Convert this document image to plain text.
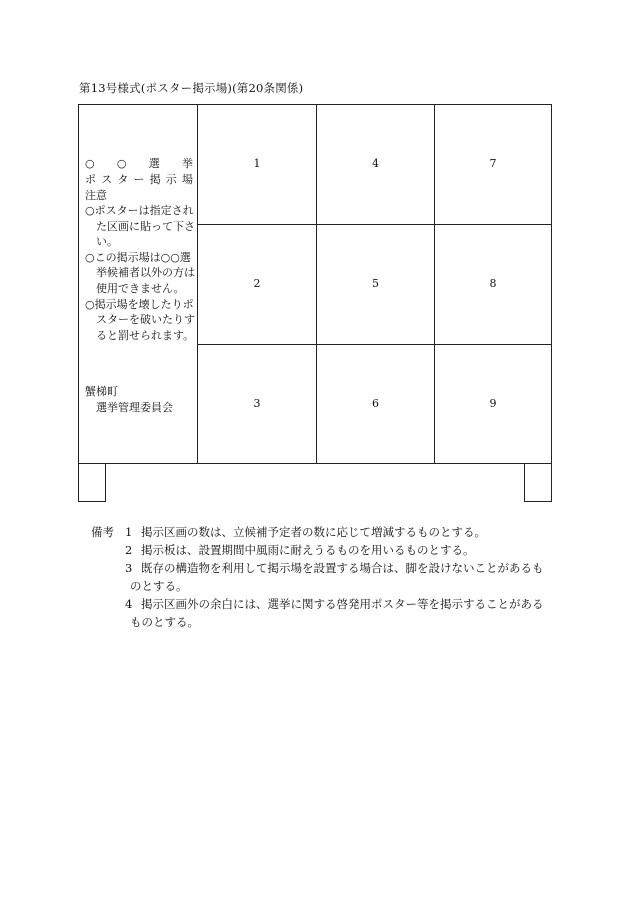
第13号様式(ポスター掲示場)(第20条関係)
○ ○ 選 挙
ポ ス タ ー 掲 示 場
注意

○ポスターは指定された区画に貼って下さい。

○この掲示場は○○選挙候補者以外の方は使用できません。

○掲示場を壊したりポスターを破いたりすると罰せられます。

蟹梯町
選挙管理委員会
1	4	7
2	5	8
3	6	9
備考 1 掲示区画の数は、立候補予定者の数に応じて増減するものとする。
2 掲示板は、設置期間中風雨に耐えうるものを用いるものとする。
3 既存の構造物を利用して掲示場を設置する場合は、脚を設けないことがあるも
のとする。
4 掲示区画外の余白には、選挙に関する啓発用ポスター等を掲示することがある
ものとする。
